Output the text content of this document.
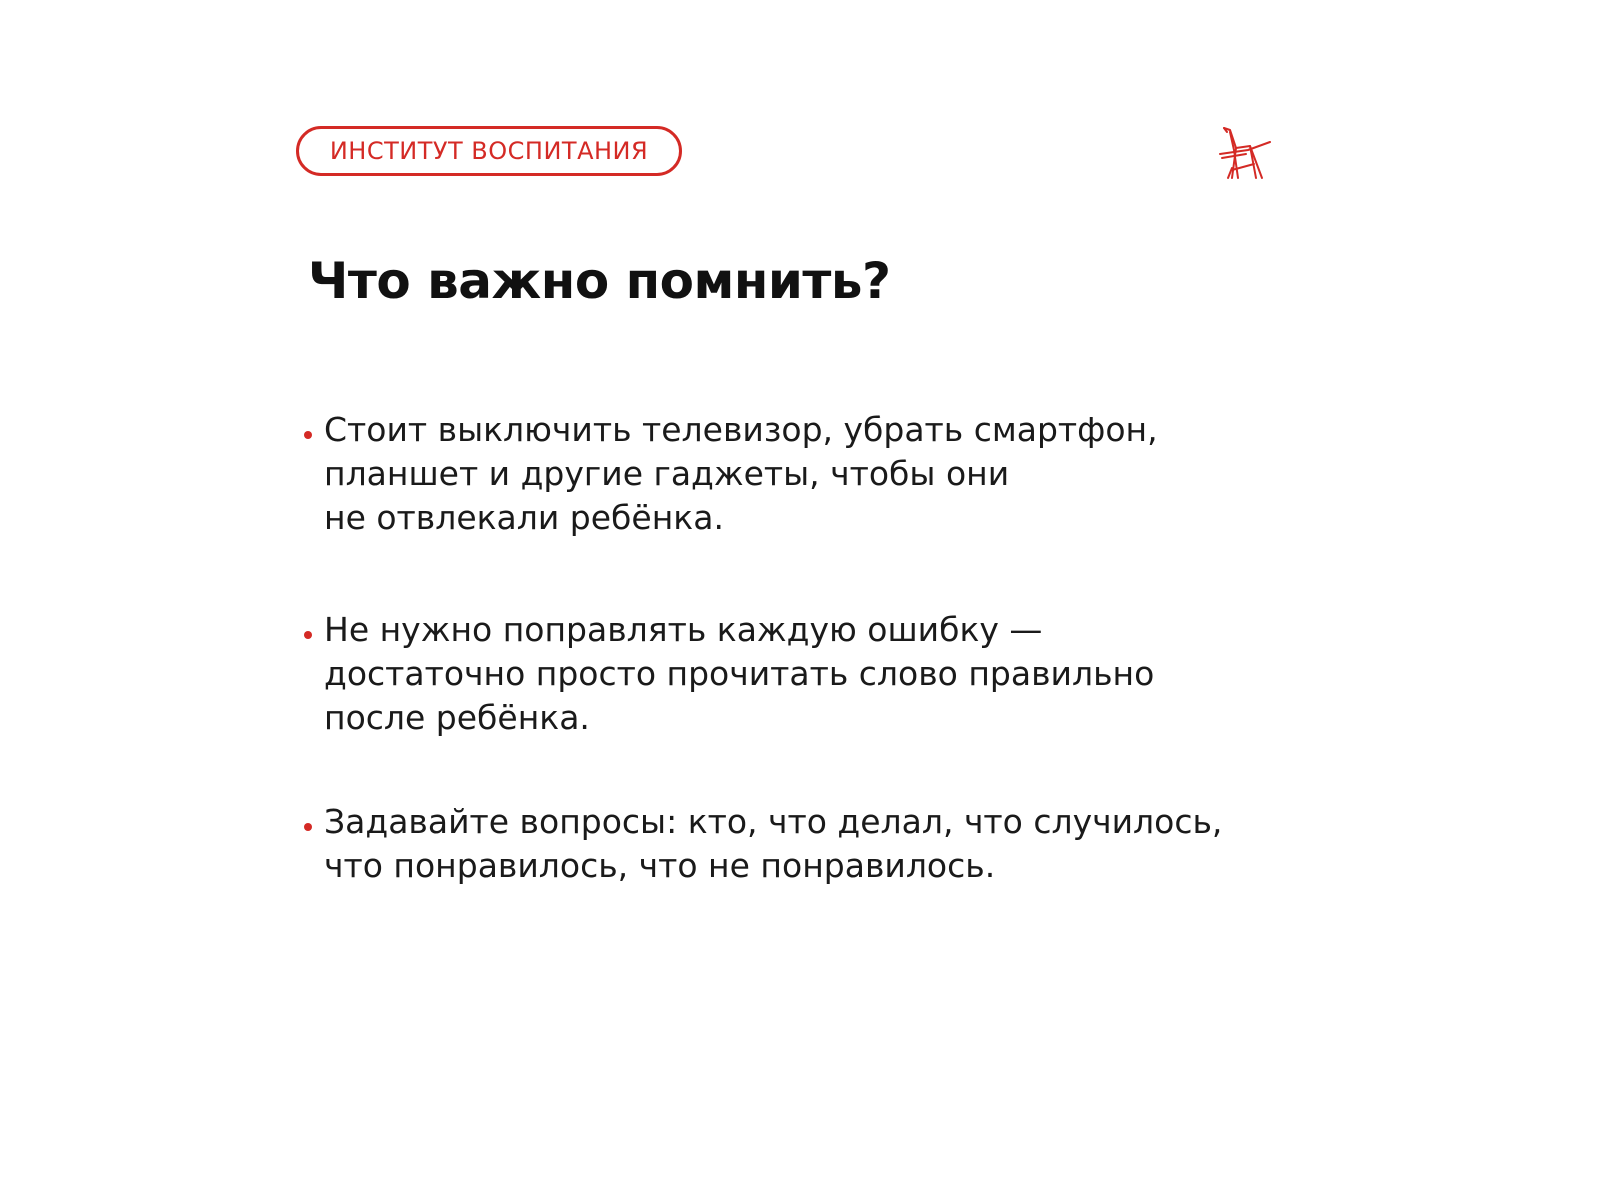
ИНСТИТУТ ВОСПИТАНИЯ
Что важно помнить?
Стоит выключить телевизор, убрать смартфон,
планшет и другие гаджеты, чтобы они
не отвлекали ребёнка.
Не нужно поправлять каждую ошибку —
достаточно просто прочитать слово правильно
после ребёнка.
Задавайте вопросы: кто, что делал, что случилось,
что понравилось, что не понравилось.
